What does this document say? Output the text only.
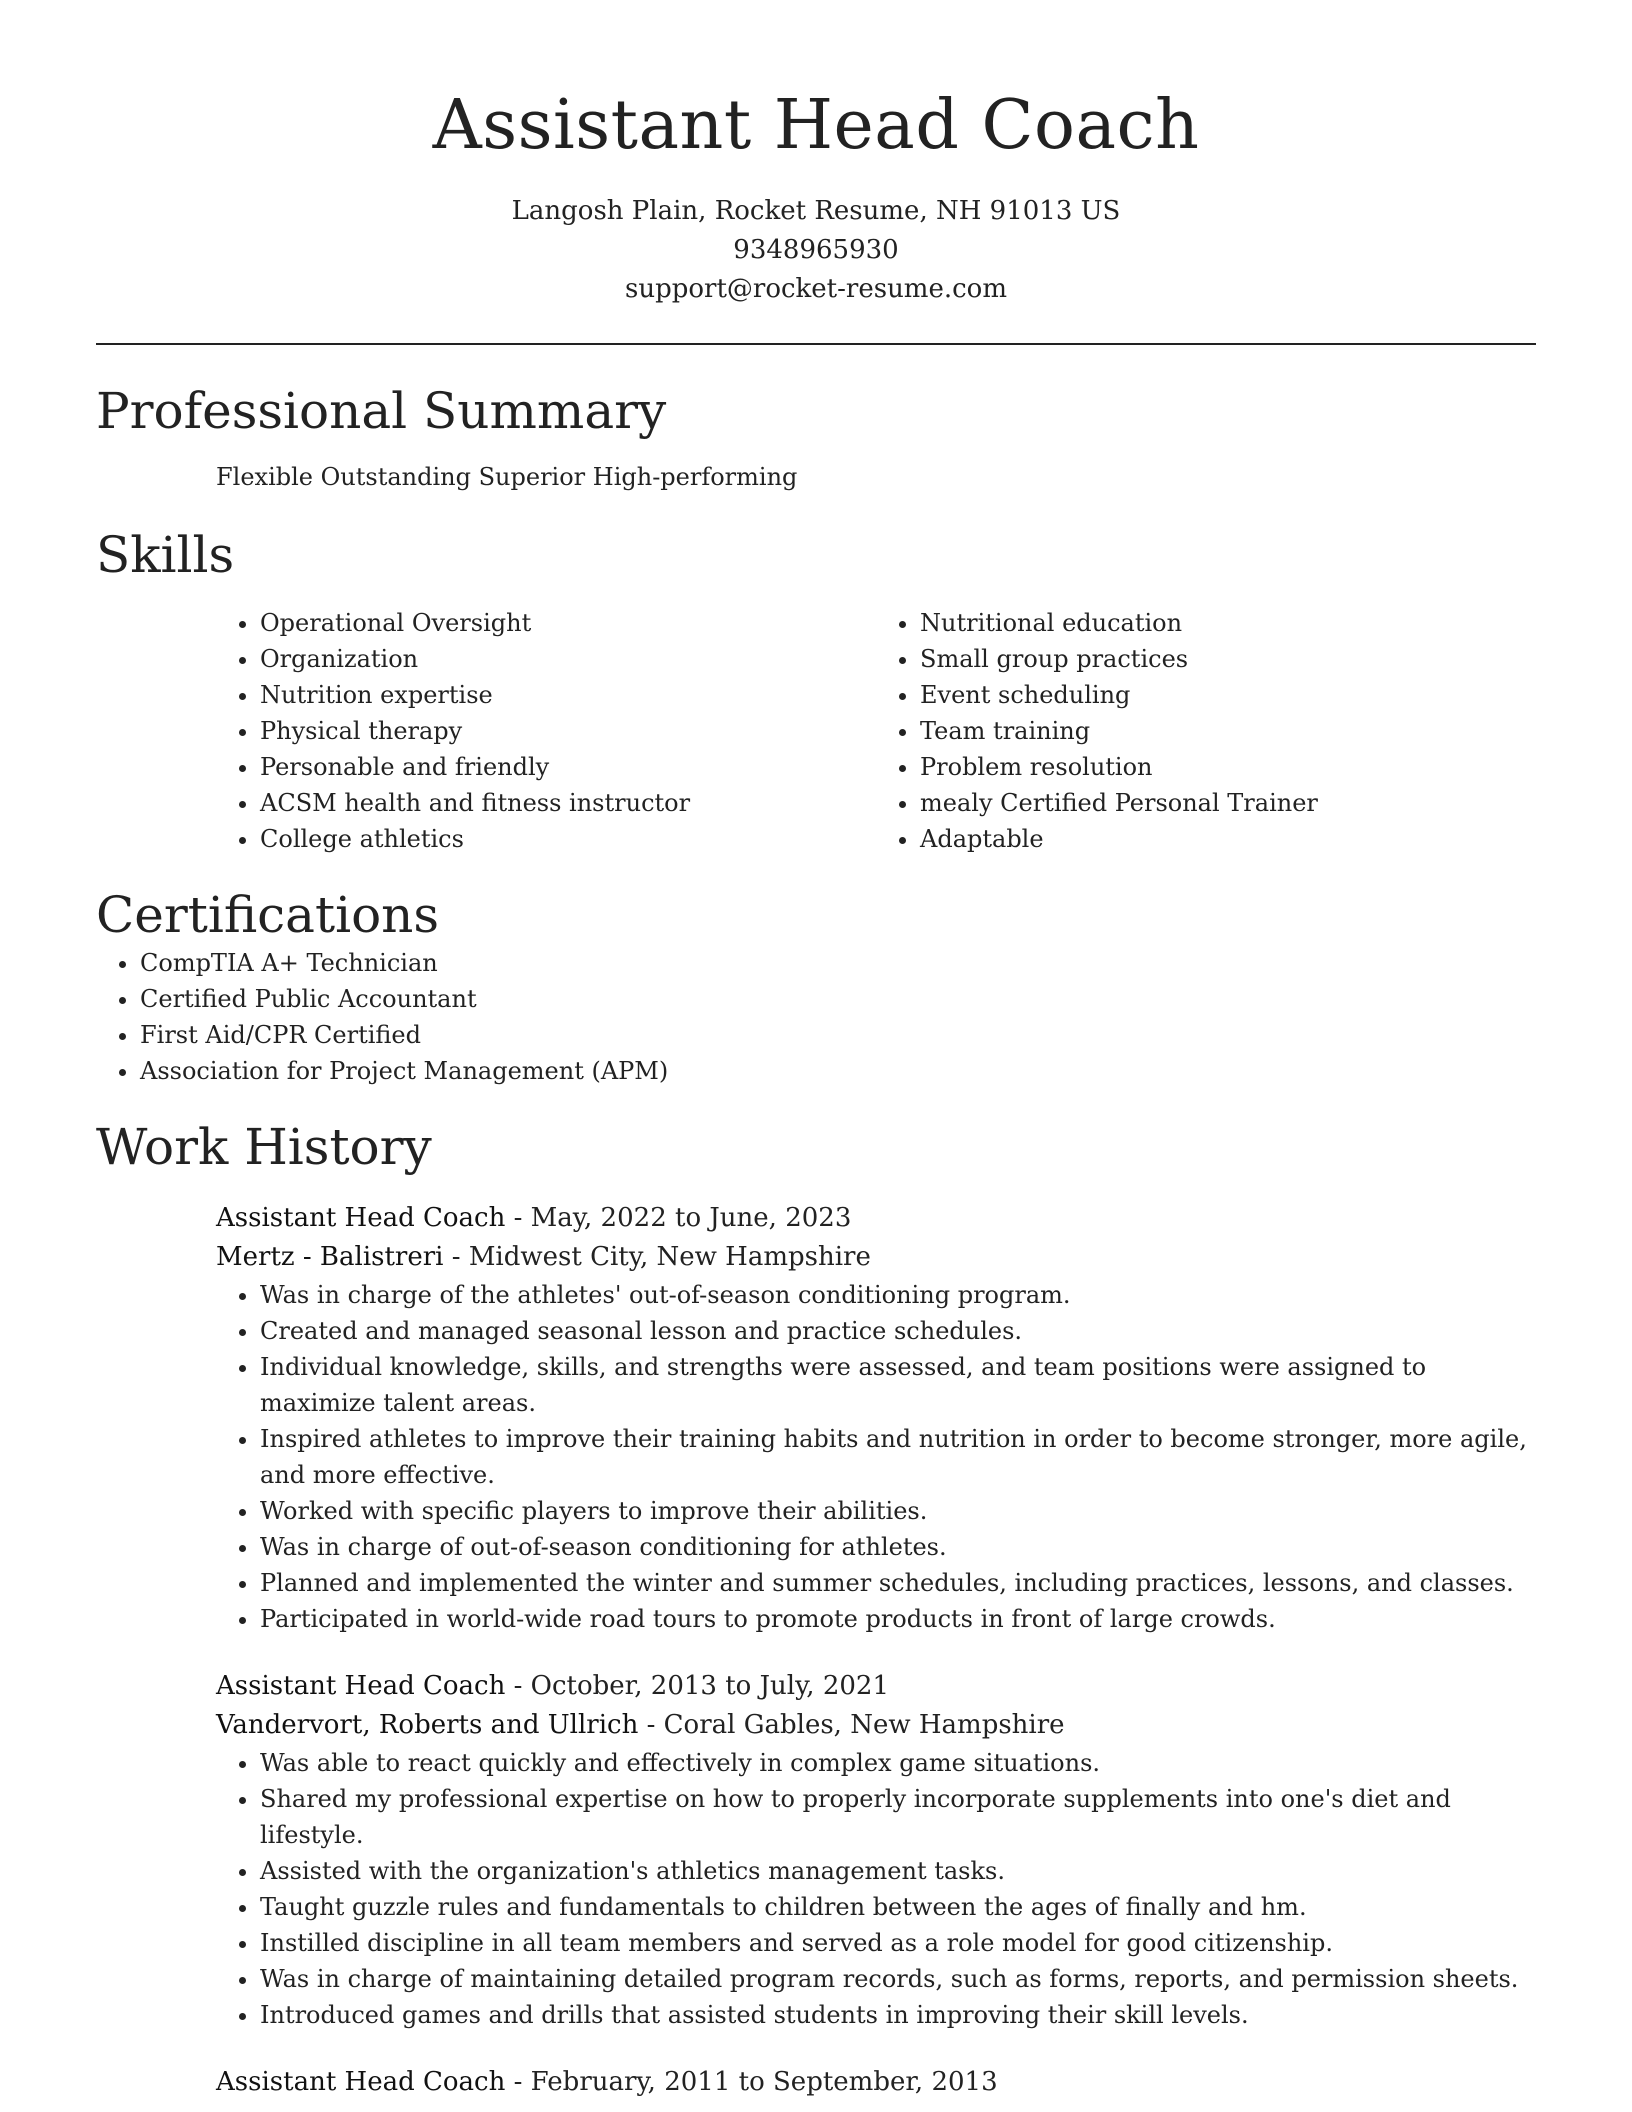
Assistant Head Coach
Langosh Plain, Rocket Resume, NH 91013 US
9348965930
support@rocket-resume.com
Professional Summary
Flexible Outstanding Superior High-performing
Skills
• Operational Oversight
• Organization
• Nutrition expertise
• Physical therapy
• Personable and friendly
• ACSM health and fitness instructor
• College athletics
• Nutritional education
• Small group practices
• Event scheduling
• Team training
• Problem resolution
• mealy Certified Personal Trainer
• Adaptable
Certifications
• CompTIA A+ Technician
• Certified Public Accountant
• First Aid/CPR Certified
• Association for Project Management (APM)
Work History
Assistant Head Coach - May, 2022 to June, 2023
Mertz - Balistreri - Midwest City, New Hampshire
• Was in charge of the athletes' out-of-season conditioning program.
• Created and managed seasonal lesson and practice schedules.
• Individual knowledge, skills, and strengths were assessed, and team positions were assigned to maximize talent areas.
• Inspired athletes to improve their training habits and nutrition in order to become stronger, more agile, and more effective.
• Worked with specific players to improve their abilities.
• Was in charge of out-of-season conditioning for athletes.
• Planned and implemented the winter and summer schedules, including practices, lessons, and classes.
• Participated in world-wide road tours to promote products in front of large crowds.
Assistant Head Coach - October, 2013 to July, 2021
Vandervort, Roberts and Ullrich - Coral Gables, New Hampshire
• Was able to react quickly and effectively in complex game situations.
• Shared my professional expertise on how to properly incorporate supplements into one's diet and lifestyle.
• Assisted with the organization's athletics management tasks.
• Taught guzzle rules and fundamentals to children between the ages of finally and hm.
• Instilled discipline in all team members and served as a role model for good citizenship.
• Was in charge of maintaining detailed program records, such as forms, reports, and permission sheets.
• Introduced games and drills that assisted students in improving their skill levels.
Assistant Head Coach - February, 2011 to September, 2013
